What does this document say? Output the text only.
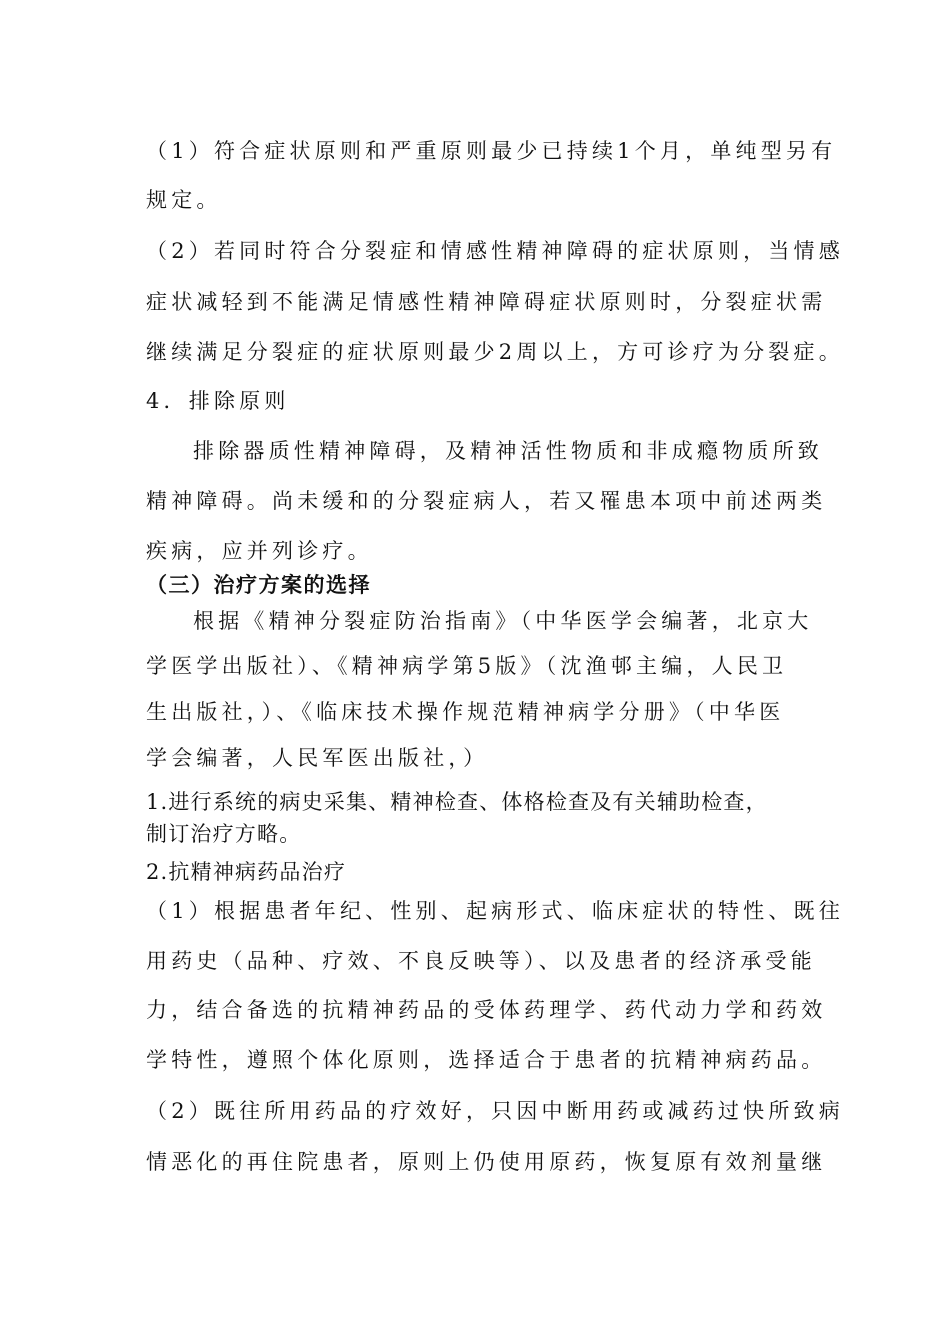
（1）符合症状原则和严重原则最少已持续1个月，单纯型另有
规定。
（2）若同时符合分裂症和情感性精神障碍的症状原则，当情感
症状减轻到不能满足情感性精神障碍症状原则时，分裂症状需
继续满足分裂症的症状原则最少2周以上，方可诊疗为分裂症。
4．排除原则
排除器质性精神障碍，及精神活性物质和非成瘾物质所致
精神障碍。尚未缓和的分裂症病人，若又罹患本项中前述两类
疾病，应并列诊疗。
（三）治疗方案的选择
根据《精神分裂症防治指南》（中华医学会编著，北京大
学医学出版社）、《精神病学第5版》（沈渔邨主编，人民卫
生出版社，）、《临床技术操作规范精神病学分册》（中华医
学会编著，人民军医出版社，）
1.进行系统的病史采集、精神检查、体格检查及有关辅助检查，
制订治疗方略。
2.抗精神病药品治疗
（1）根据患者年纪、性别、起病形式、临床症状的特性、既往
用药史（品种、疗效、不良反映等）、以及患者的经济承受能
力，结合备选的抗精神药品的受体药理学、药代动力学和药效
学特性，遵照个体化原则，选择适合于患者的抗精神病药品。
（2）既往所用药品的疗效好，只因中断用药或减药过快所致病
情恶化的再住院患者，原则上仍使用原药，恢复原有效剂量继
